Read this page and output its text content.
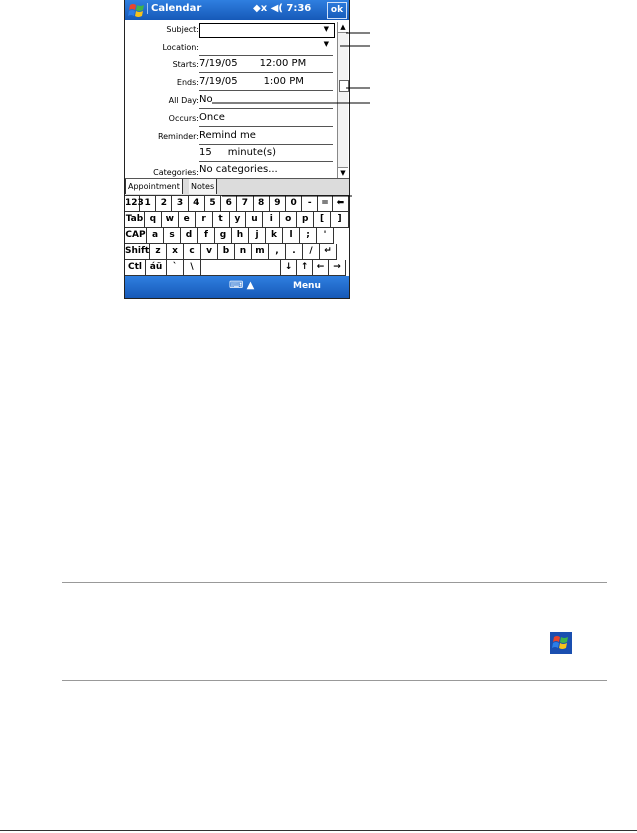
Calendar	◆x ◀( 7:36	ok
Subject:	▼
Location:	▼
Starts: 7/19/05 12:00 PM
Ends: 7/19/05	1:00 PM
All Day: No
Occurs: Once
Reminder: Remind me
15 minute(s)
Categories: No categories...
▲
▼
Appointment	Notes
123 1	2	3	4	5	6	7	8	9	0	-	= ⬅
Tab q	w	e	r	t	y	u	i	o	p	[	]
CAP a	s	d	f	g	h	j	k	l	;	'
Shift z	x	c	v	b	n	m	,	.	/	↵
Ctl áü	`	\	↓ ↑ ← →
⌨ ▲	Menu
